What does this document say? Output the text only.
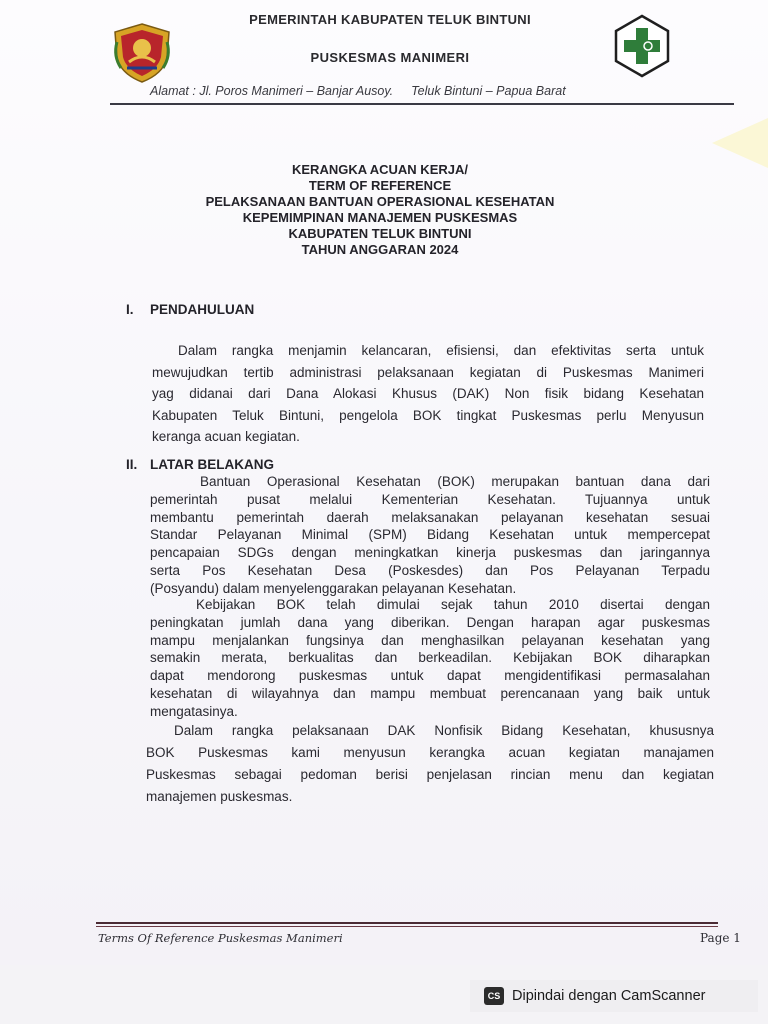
PEMERINTAH KABUPATEN TELUK BINTUNI
PUSKESMAS MANIMERI
Alamat : Jl. Poros Manimeri – Banjar Ausoy. Teluk Bintuni – Papua Barat
KERANGKA ACUAN KERJA/
TERM OF REFERENCE
PELAKSANAAN BANTUAN OPERASIONAL KESEHATAN
KEPEMIMPINAN MANAJEMEN PUSKESMAS
KABUPATEN TELUK BINTUNI
TAHUN ANGGARAN 2024
I. PENDAHULUAN
Dalam rangka menjamin kelancaran, efisiensi, dan efektivitas serta untuk
mewujudkan tertib administrasi pelaksanaan kegiatan di Puskesmas Manimeri
yag didanai dari Dana Alokasi Khusus (DAK) Non fisik bidang Kesehatan
Kabupaten Teluk Bintuni, pengelola BOK tingkat Puskesmas perlu Menyusun
keranga acuan kegiatan.
II. LATAR BELAKANG
Bantuan Operasional Kesehatan (BOK) merupakan bantuan dana dari
pemerintah pusat melalui Kementerian Kesehatan. Tujuannya untuk
membantu pemerintah daerah melaksanakan pelayanan kesehatan sesuai
Standar Pelayanan Minimal (SPM) Bidang Kesehatan untuk mempercepat
pencapaian SDGs dengan meningkatkan kinerja puskesmas dan jaringannya
serta Pos Kesehatan Desa (Poskesdes) dan Pos Pelayanan Terpadu
(Posyandu) dalam menyelenggarakan pelayanan Kesehatan.
Kebijakan BOK telah dimulai sejak tahun 2010 disertai dengan
peningkatan jumlah dana yang diberikan. Dengan harapan agar puskesmas
mampu menjalankan fungsinya dan menghasilkan pelayanan kesehatan yang
semakin merata, berkualitas dan berkeadilan. Kebijakan BOK diharapkan
dapat mendorong puskesmas untuk dapat mengidentifikasi permasalahan
kesehatan di wilayahnya dan mampu membuat perencanaan yang baik untuk
mengatasinya.
Dalam rangka pelaksanaan DAK Nonfisik Bidang Kesehatan, khususnya
BOK Puskesmas kami menyusun kerangka acuan kegiatan manajamen
Puskesmas sebagai pedoman berisi penjelasan rincian menu dan kegiatan
manajemen puskesmas.
Terms Of Reference Puskesmas Manimeri	Page 1
CS Dipindai dengan CamScanner
